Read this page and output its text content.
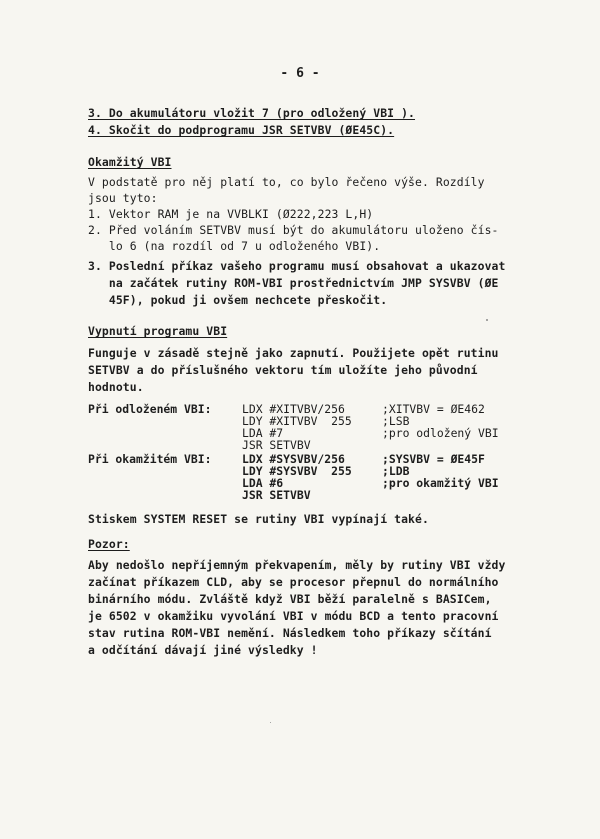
- 6 -
3. Do akumulátoru vložit 7 (pro odložený VBI ).
4. Skočit do podprogramu JSR SETVBV (ØE45C).
Okamžitý VBI
V podstatě pro něj platí to, co bylo řečeno výše. Rozdíly
jsou tyto:
1. Vektor RAM je na VVBLKI (Ø222,223 L,H)
2. Před voláním SETVBV musí být do akumulátoru uloženo čís-
lo 6 (na rozdíl od 7 u odloženého VBI).
3. Poslední příkaz vašeho programu musí obsahovat a ukazovat
na začátek rutiny ROM-VBI prostřednictvím JMP SYSVBV (ØE
45F), pokud ji ovšem nechcete přeskočit.
Vypnutí programu VBI
Funguje v zásadě stejně jako zapnutí. Použijete opět rutinu
SETVBV a do příslušného vektoru tím uložíte jeho původní
hodnotu.
Při odloženém VBI:	LDX #XITVBV/256
LDY #XITVBV  255
LDA #7
JSR SETVBV
;XITVBV = ØE462
;LSB
;pro odložený VBI
Při okamžitém VBI:	LDX #SYSVBV/256
LDY #SYSVBV  255
LDA #6
JSR SETVBV
;SYSVBV = ØE45F
;LDB
;pro okamžitý VBI
Stiskem SYSTEM RESET se rutiny VBI vypínají také.
Pozor:
Aby nedošlo nepříjemným překvapením, měly by rutiny VBI vždy
začínat příkazem CLD, aby se procesor přepnul do normálního
binárního módu. Zvláště když VBI běží paralelně s BASICem,
je 6502 v okamžiku vyvolání VBI v módu BCD a tento pracovní
stav rutina ROM-VBI nemění. Následkem toho příkazy sčítání
a odčítání dávají jiné výsledky !
